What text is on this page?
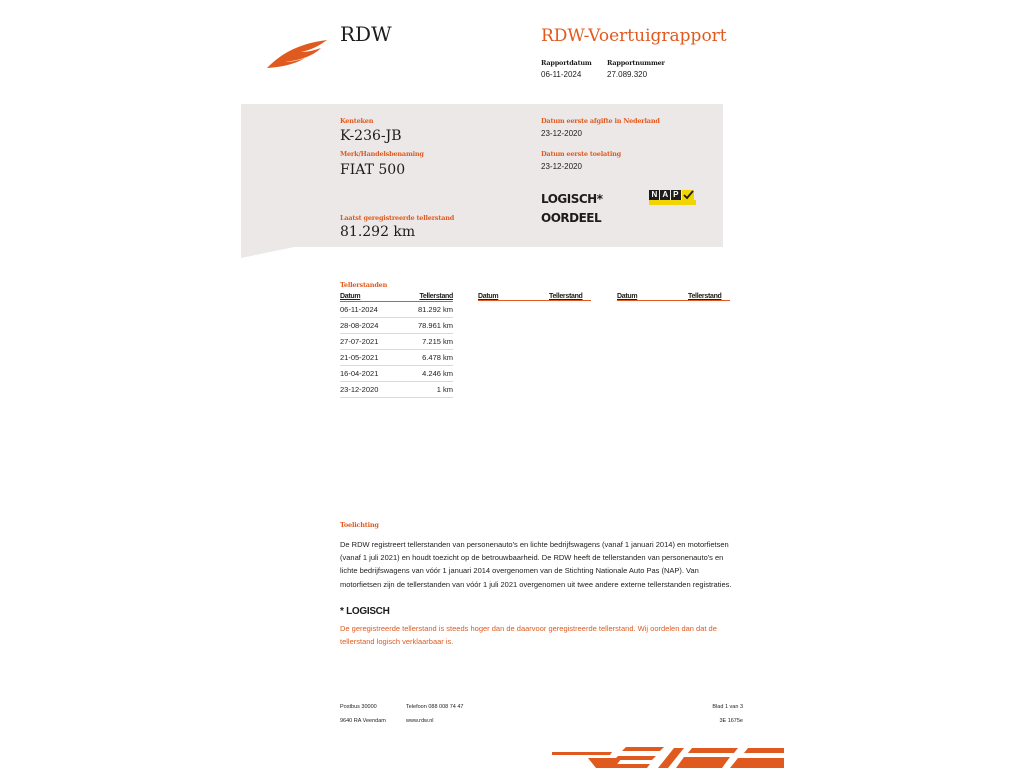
RDW	RDW-Voertuigrapport
Rapportdatum
06-11-2024
Rapportnummer
27.089.320
Kenteken
K-236-JB
Merk/Handelsbenaming
FIAT 500
Laatst geregistreerde tellerstand
81.292 km
Datum eerste afgifte in Nederland
23-12-2020
Datum eerste toelating
23-12-2020
LOGISCH*
OORDEEL
NAP
Tellerstanden
Datum	Tellerstand
06-11-2024	81.292 km
28-08-2024	78.961 km
27-07-2021	7.215 km
21-05-2021	6.478 km
16-04-2021	4.246 km
23-12-2020	1 km
Datum	Tellerstand	Datum	Tellerstand
Toelichting
De RDW registreert tellerstanden van personenauto's en lichte bedrijfswagens (vanaf 1 januari 2014) en motorfietsen (vanaf 1 juli 2021) en houdt toezicht op de betrouwbaarheid. De RDW heeft de tellerstanden van personenauto's en lichte bedrijfswagens van vóór 1 januari 2014 overgenomen van de Stichting Nationale Auto Pas (NAP). Van motorfietsen zijn de tellerstanden van vóór 1 juli 2021 overgenomen uit twee andere externe tellerstanden registraties.
* LOGISCH
De geregistreerde tellerstand is steeds hoger dan de daarvoor geregistreerde tellerstand. Wij oordelen dan dat de tellerstand logisch verklaarbaar is.
Postbus 30000
9640 RA Veendam
Telefoon 088 008 74 47
www.rdw.nl
Blad 1 van 3
3E 1675e
